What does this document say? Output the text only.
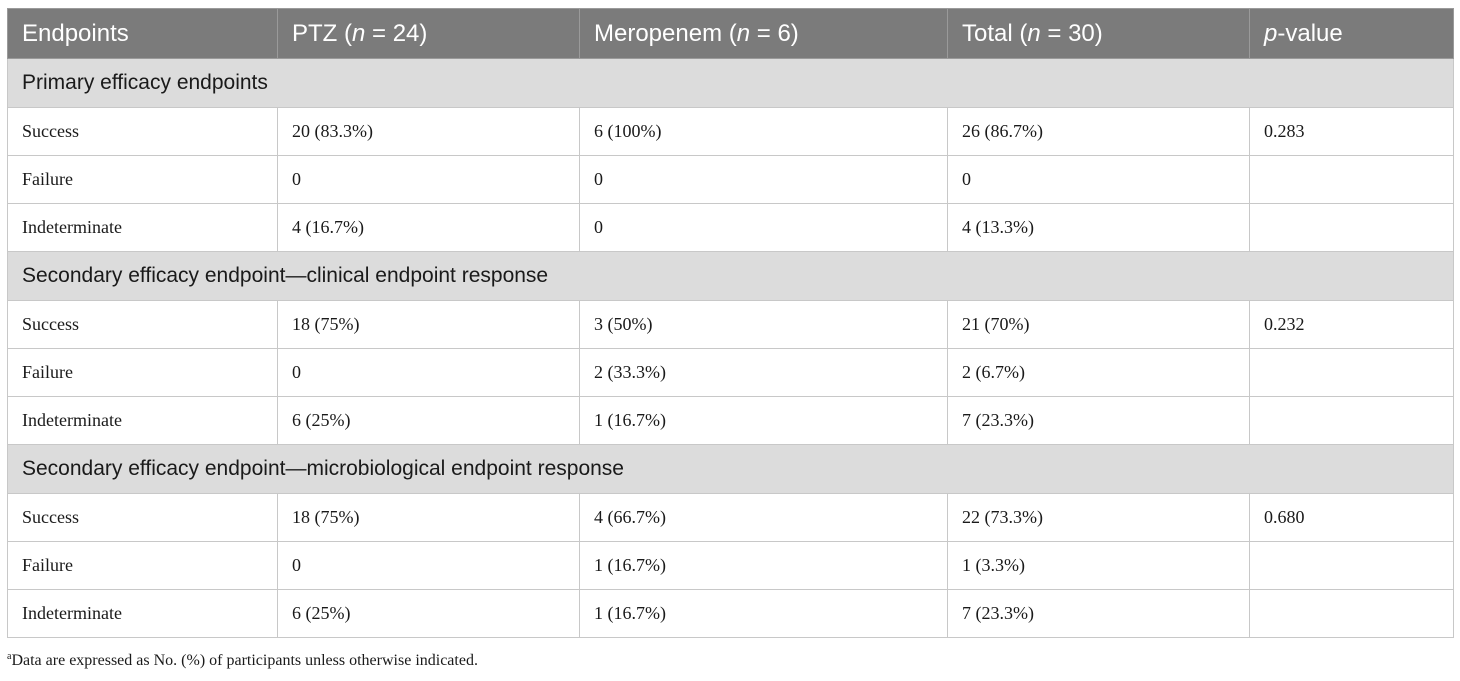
Endpoints	PTZ (n = 24)	Meropenem (n = 6)	Total (n = 30)	p-value
Primary efficacy endpoints				
Success	20 (83.3%)	6 (100%)	26 (86.7%)	0.283
Failure	0	0	0	
Indeterminate	4 (16.7%)	0	4 (13.3%)	
Secondary efficacy endpoint—clinical endpoint response				
Success	18 (75%)	3 (50%)	21 (70%)	0.232
Failure	0	2 (33.3%)	2 (6.7%)	
Indeterminate	6 (25%)	1 (16.7%)	7 (23.3%)	
Secondary efficacy endpoint—microbiological endpoint response				
Success	18 (75%)	4 (66.7%)	22 (73.3%)	0.680
Failure	0	1 (16.7%)	1 (3.3%)	
Indeterminate	6 (25%)	1 (16.7%)	7 (23.3%)	
$^a$Data are expressed as No. (%) of participants unless otherwise indicated.
